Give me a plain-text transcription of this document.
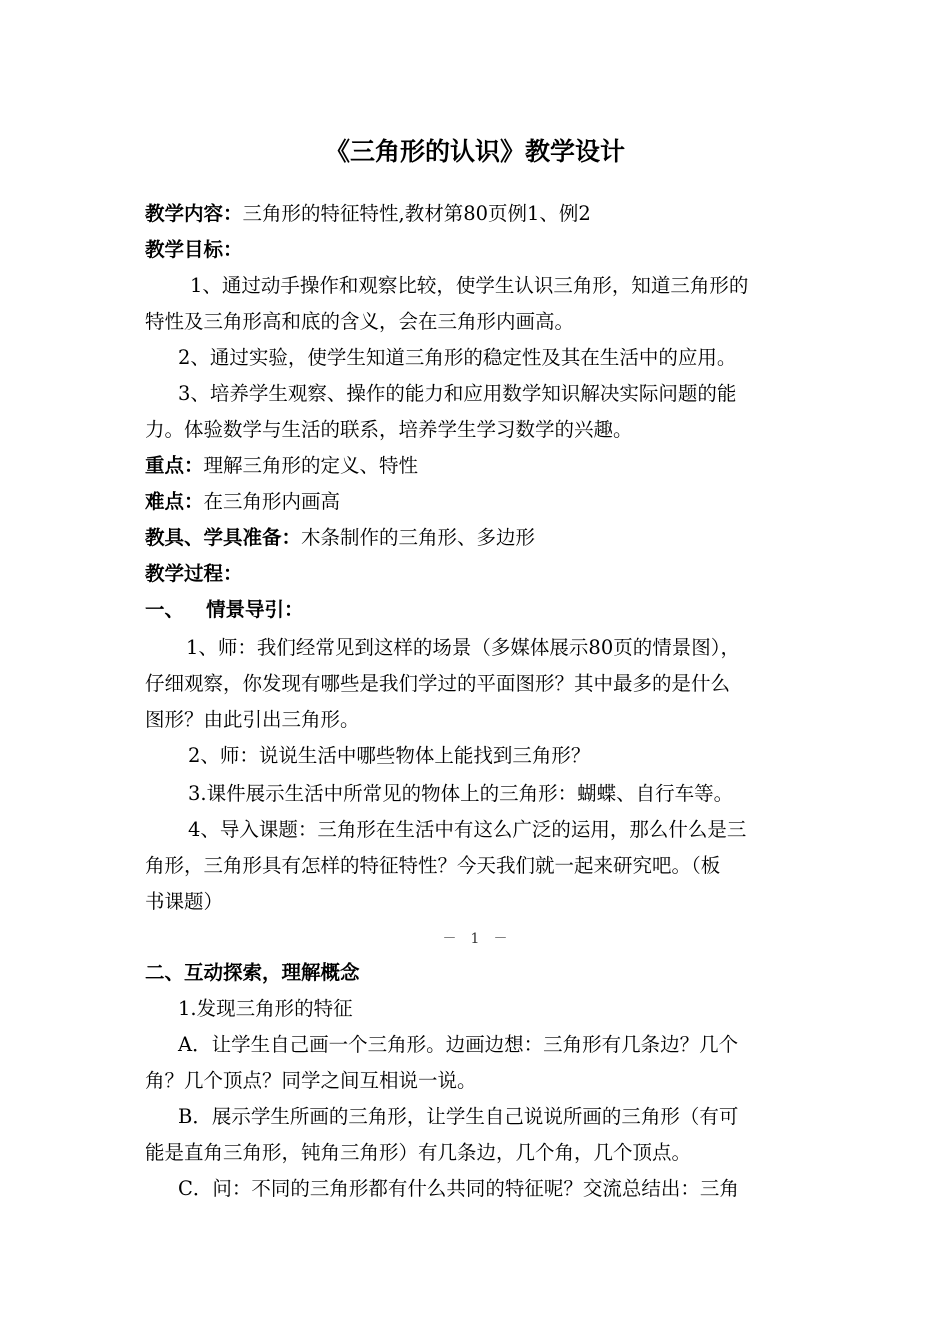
《三角形的认识》教学设计
教学内容：三角形的特征特性,教材第80页例1、例2
教学目标：
1、通过动手操作和观察比较，使学生认识三角形，知道三角形的
特性及三角形高和底的含义，会在三角形内画高。
2、通过实验，使学生知道三角形的稳定性及其在生活中的应用。
3、培养学生观察、操作的能力和应用数学知识解决实际问题的能
力。体验数学与生活的联系，培养学生学习数学的兴趣。
重点：理解三角形的定义、特性
难点：在三角形内画高
教具、学具准备：木条制作的三角形、多边形
教学过程：
一、 情景导引：
1、师：我们经常见到这样的场景（多媒体展示80页的情景图），
仔细观察，你发现有哪些是我们学过的平面图形？其中最多的是什么
图形？由此引出三角形。
2、师：说说生活中哪些物体上能找到三角形？
3.课件展示生活中所常见的物体上的三角形：蝴蝶、自行车等。
4、导入课题：三角形在生活中有这么广泛的运用，那么什么是三
角形，三角形具有怎样的特征特性？今天我们就一起来研究吧。（板
书课题）
－　1　－
二、互动探索，理解概念
1.发现三角形的特征
A．让学生自己画一个三角形。边画边想：三角形有几条边？几个
角？几个顶点？同学之间互相说一说。
B．展示学生所画的三角形，让学生自己说说所画的三角形（有可
能是直角三角形，钝角三角形）有几条边，几个角，几个顶点。
C．问：不同的三角形都有什么共同的特征呢？交流总结出：三角
